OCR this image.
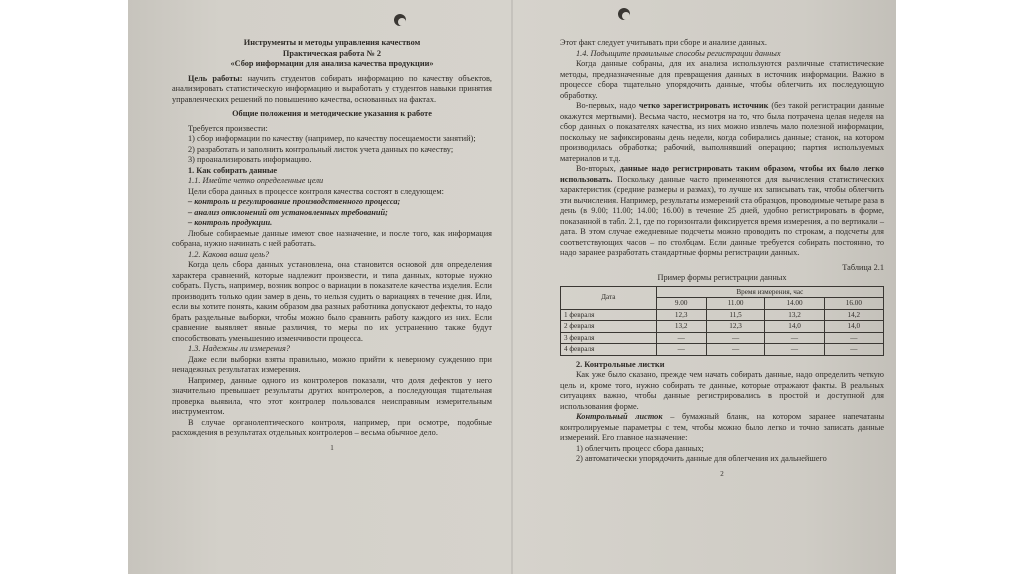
Инструменты и методы управления качеством

Практическая работа № 2

«Сбор информации для анализа качества продукции»

Цель работы: научить студентов собирать информацию по качеству объектов, анализировать статистическую информацию и выработать у студентов навыки принятия управленческих решений по повышению качества, основанных на фактах.

Общие положения и методические указания к работе

Требуется произвести:

1) сбор информации по качеству (например, по качеству посещаемости занятий);

2) разработать и заполнить контрольный листок учета данных по качеству;

3) проанализировать информацию.

1. Как собирать данные

1.1. Имейте четко определенные цели

Цели сбора данных в процессе контроля качества состоят в следующем:

– контроль и регулирование производственного процесса;

– анализ отклонений от установленных требований;

– контроль продукции.

Любые собираемые данные имеют свое назначение, и после того, как информация собрана, нужно начинать с ней работать.

1.2. Какова ваша цель?

Когда цель сбора данных установлена, она становится основой для определения характера сравнений, которые надлежит произвести, и типа данных, которые нужно собрать. Пусть, например, возник вопрос о вариации в показателе качества изделия. Если производить только один замер в день, то нельзя судить о вариациях в течение дня. Или, если вы хотите понять, каким образом два разных работника допускают дефекты, то надо брать раздельные выборки, чтобы можно было сравнить работу каждого из них. Если сравнение выявляет явные различия, то меры по их устранению также будут способствовать уменьшению изменчивости процесса.

1.3. Надежны ли измерения?

Даже если выборки взяты правильно, можно прийти к неверному суждению при ненадежных результатах измерения.

Например, данные одного из контролеров показали, что доля дефектов у него значительно превышает результаты других контролеров, а последующая тщательная проверка выявила, что этот контролер пользовался неисправным измерительным инструментом.

В случае органолептического контроля, например, при осмотре, подобные расхождения в результатах отдельных контролеров – весьма обычное дело.

1

Этот факт следует учитывать при сборе и анализе данных.

1.4. Подыщите правильные способы регистрации данных

Когда данные собраны, для их анализа используются различные статистические методы, предназначенные для превращения данных в источник информации. Важно в процессе сбора тщательно упорядочить данные, чтобы облегчить их последующую обработку.

Во-первых, надо четко зарегистрировать источник (без такой регистрации данные окажутся мертвыми). Весьма часто, несмотря на то, что была потрачена целая неделя на сбор данных о показателях качества, из них можно извлечь мало полезной информации, поскольку не зафиксированы день недели, когда собирались данные; станок, на котором производилась обработка; рабочий, выполнявший операцию; партия используемых материалов и т.д.

Во-вторых, данные надо регистрировать таким образом, чтобы их было легко использовать. Поскольку данные часто применяются для вычисления статистических характеристик (средние размеры и размах), то лучше их записывать так, чтобы облегчить эти вычисления. Например, результаты измерений ста образцов, проводимые четыре раза в день (в 9.00; 11.00; 14.00; 16.00) в течение 25 дней, удобно регистрировать в форме, показанной в табл. 2.1, где по горизонтали фиксируется время измерения, а по вертикали – дата. В этом случае ежедневные подсчеты можно проводить по строкам, а подсчеты для соответствующих часов – по столбцам. Если данные требуется собирать постоянно, то надо заранее разработать стандартные формы регистрации данных.

Таблица 2.1

Пример формы регистрации данных

Дата	Время измерения, час			
	9.00	11.00	14.00	16.00
1 февраля	12,3	11,5	13,2	14,2
2 февраля	13,2	12,3	14,0	14,0
3 февраля	—	—	—	—
4 февраля	—	—	—	—

2. Контрольные листки

Как уже было сказано, прежде чем начать собирать данные, надо определить четкую цель и, кроме того, нужно собирать те данные, которые отражают факты. В реальных ситуациях важно, чтобы данные регистрировались в простой и доступной для использования форме.

Контрольный листок – бумажный бланк, на котором заранее напечатаны контролируемые параметры с тем, чтобы можно было легко и точно записать данные измерений. Его главное назначение:

1) облегчить процесс сбора данных;

2) автоматически упорядочить данные для облегчения их дальнейшего

2
